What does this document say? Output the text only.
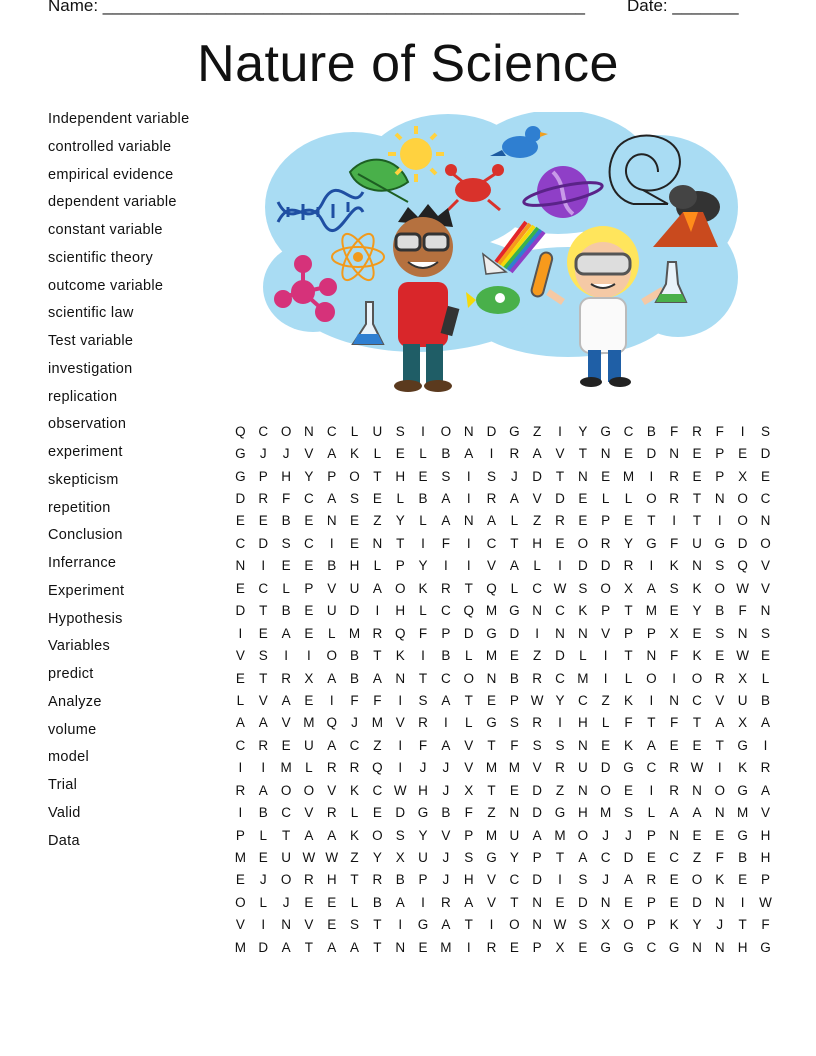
Name: ___________________________________________________ Date: _______
Nature of Science
Independent variable
controlled variable
empirical evidence
dependent variable
constant variable
scientific theory
outcome variable
scientific law
Test variable
investigation
replication
observation
experiment
skepticism
repetition
Conclusion
Inferrance
Experiment
Hypothesis
Variables
predict
Analyze
volume
model
Trial
Valid
Data
Q	C	O	N	C	L	U	S	I	O	N	D	G	Z	I	Y	G	C	B	F	R	F	I	S
G	J	J	V	A	K	L	E	L	B	A	I	R	A	V	T	N	E	D	N	E	P	E	D
G	P	H	Y	P	O	T	H	E	S	I	S	J	D	T	N	E	M	I	R	E	P	X	E
D	R	F	C	A	S	E	L	B	A	I	R	A	V	D	E	L	L	O	R	T	N	O	C
E	E	B	E	N	E	Z	Y	L	A	N	A	L	Z	R	E	P	E	T	I	T	I	O	N
C	D	S	C	I	E	N	T	I	F	I	C	T	H	E	O	R	Y	G	F	U	G	D	O
N	I	E	E	B	H	L	P	Y	I	I	V	A	L	I	D	D	R	I	K	N	S	Q	V
E	C	L	P	V	U	A	O	K	R	T	Q	L	C	W	S	O	X	A	S	K	O	W	V
D	T	B	E	U	D	I	H	L	C	Q	M	G	N	C	K	P	T	M	E	Y	B	F	N
I	E	A	E	L	M	R	Q	F	P	D	G	D	I	N	N	V	P	P	X	E	S	N	S
V	S	I	I	O	B	T	K	I	B	L	M	E	Z	D	L	I	T	N	F	K	E	W	E
E	T	R	X	A	B	A	N	T	C	O	N	B	R	C	M	I	L	O	I	O	R	X	L
L	V	A	E	I	F	F	I	S	A	T	E	P	W	Y	C	Z	K	I	N	C	V	U	B
A	A	V	M	Q	J	M	V	R	I	L	G	S	R	I	H	L	F	T	F	T	A	X	A
C	R	E	U	A	C	Z	I	F	A	V	T	F	S	S	N	E	K	A	E	E	T	G	I
I	I	M	L	R	R	Q	I	J	J	V	M	M	V	R	U	D	G	C	R	W	I	K	R
R	A	O	O	V	K	C	W	H	J	X	T	E	D	Z	N	O	E	I	R	N	O	G	A
I	B	C	V	R	L	E	D	G	B	F	Z	N	D	G	H	M	S	L	A	A	N	M	V
P	L	T	A	A	K	O	S	Y	V	P	M	U	A	M	O	J	J	P	N	E	E	G	H
M	E	U	W	W	Z	Y	X	U	J	S	G	Y	P	T	A	C	D	E	C	Z	F	B	H
E	J	O	R	H	T	R	B	P	J	H	V	C	D	I	S	J	A	R	E	O	K	E	P
O	L	J	E	E	L	B	A	I	R	A	V	T	N	E	D	N	E	P	E	D	N	I	W
V	I	N	V	E	S	T	I	G	A	T	I	O	N	W	S	X	O	P	K	Y	J	T	F
M	D	A	T	A	A	T	N	E	M	I	R	E	P	X	E	G	G	C	G	N	N	H	G
